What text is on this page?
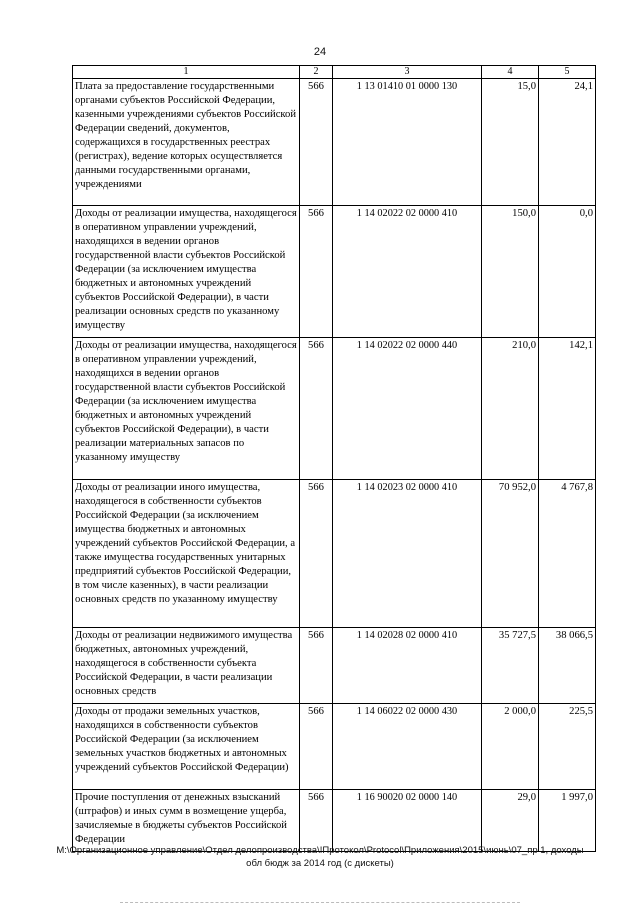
24
1	2	3	4	5
Плата за предоставление государственными органами субъектов Российской Федерации, казенными учреждениями субъектов Российской Федерации сведений, документов, содержащихся в государственных реестрах (регистрах), ведение которых осуществляется данными государственными органами, учреждениями	566	1 13 01410 01 0000 130	15,0	24,1
Доходы от реализации имущества, находящегося в оперативном управлении учреждений, находящихся в ведении органов государственной власти субъектов Российской Федерации (за исключением имущества бюджетных и автономных учреждений субъектов Российской Федерации), в части реализации основных средств по указанному имуществу	566	1 14 02022 02 0000 410	150,0	0,0
Доходы от реализации имущества, находящегося в оперативном управлении учреждений, находящихся в ведении органов государственной власти субъектов Российской Федерации (за исключением имущества бюджетных и автономных учреждений субъектов Российской Федерации), в части реализации материальных запасов по указанному имуществу	566	1 14 02022 02 0000 440	210,0	142,1
Доходы от реализации иного имущества, находящегося в собственности субъектов Российской Федерации (за исключением имущества бюджетных и автономных учреждений субъектов Российской Федерации, а также имущества государственных унитарных предприятий субъектов Российской Федерации, в том числе казенных), в части реализации основных средств по указанному имуществу	566	1 14 02023 02 0000 410	70 952,0	4 767,8
Доходы от реализации недвижимого имущества бюджетных, автономных учреждений, находящегося в собственности субъекта Российской Федерации, в части реализации основных средств	566	1 14 02028 02 0000 410	35 727,5	38 066,5
Доходы от продажи земельных участков, находящихся в собственности субъектов Российской Федерации (за исключением земельных участков бюджетных и автономных учреждений субъектов Российской Федерации)	566	1 14 06022 02 0000 430	2 000,0	225,5
Прочие поступления от денежных взысканий (штрафов) и иных сумм в возмещение ущерба, зачисляемые в бюджеты субъектов Российской Федерации	566	1 16 90020 02 0000 140	29,0	1 997,0
M:\Организационное управление\Отдел делопроизводства\!Протокол\Protocol\Приложения\2015\июнь\07_пр 1, доходы
обл бюдж за 2014 год (с дискеты)
